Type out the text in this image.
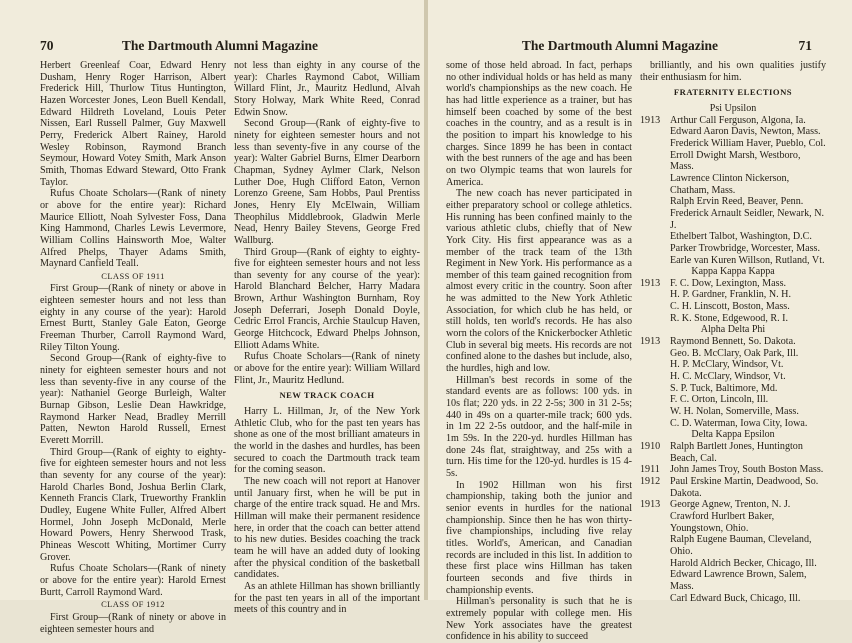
70	The Dartmouth Alumni Magazine

Herbert Greenleaf Coar, Edward Henry Dusham, Henry Roger Harrison, Albert Frederick Hill, Thurlow Titus Huntington, Hazen Worcester Jones, Leon Buell Kendall, Edward Hildreth Loveland, Louis Peter Nissen, Earl Russell Palmer, Guy Maxwell Perry, Frederick Albert Rainey, Harold Wesley Robinson, Raymond Branch Seymour, Howard Votey Smith, Mark Anson Smith, Thomas Edward Steward, Otto Frank Taylor.

Rufus Choate Scholars—(Rank of ninety or above for the entire year): Richard Maurice Elliott, Noah Sylvester Foss, Dana King Hammond, Charles Lewis Levermore, William Collins Hainsworth Moe, Walter Alfred Phelps, Thayer Adams Smith, Maynard Canfield Teall.

CLASS OF 1911

First Group—(Rank of ninety or above in eighteen semester hours and not less than eighty in any course of the year): Harold Ernest Burtt, Stanley Gale Eaton, George Freeman Thurber, Carroll Raymond Ward, Riley Tilton Young.

Second Group—(Rank of eighty-five to ninety for eighteen semester hours and not less than seventy-five in any course of the year): Nathaniel George Burleigh, Walter Burnap Gibson, Leslie Dean Hawkridge, Raymond Harker Nead, Bradley Merrill Patten, Newton Harold Russell, Ernest Everett Morrill.

Third Group—(Rank of eighty to eighty-five for eighteen semester hours and not less than seventy for any course of the year): Harold Charles Bond, Joshua Berlin Clark, Kenneth Francis Clark, Trueworthy Franklin Dudley, Eugene White Fuller, Alfred Albert Hormel, John Joseph McDonald, Merle Howard Powers, Henry Sherwood Trask, Phineas Wescott Whiting, Mortimer Curry Grover.

Rufus Choate Scholars—(Rank of ninety or above for the entire year): Harold Ernest Burtt, Carroll Raymond Ward.

CLASS OF 1912

First Group—(Rank of ninety or above in eighteen semester hours and

not less than eighty in any course of the year): Charles Raymond Cabot, William Willard Flint, Jr., Mauritz Hedlund, Alvah Story Holway, Mark White Reed, Conrad Edwin Snow.

Second Group—(Rank of eighty-five to ninety for eighteen semester hours and not less than seventy-five in any course of the year): Walter Gabriel Burns, Elmer Dearborn Chapman, Sydney Aylmer Clark, Nelson Luther Doe, Hugh Clifford Eaton, Vernon Lorenzo Greene, Sam Hobbs, Paul Prentiss Jones, Henry Ely McElwain, William Theophilus Middlebrook, Gladwin Merle Nead, Henry Bailey Stevens, George Fred Wallburg.

Third Group—(Rank of eighty to eighty-five for eighteen semester hours and not less than seventy for any course of the year): Harold Blanchard Belcher, Harry Madara Brown, Arthur Washington Burnham, Roy Joseph Deferrari, Joseph Donald Doyle, Cedric Errol Francis, Archie Staulcup Haven, George Hitchcock, Edward Phelps Johnson, Elliott Adams White.

Rufus Choate Scholars—(Rank of ninety or above for the entire year): William Willard Flint, Jr., Mauritz Hedlund.

NEW TRACK COACH

Harry L. Hillman, Jr, of the New York Athletic Club, who for the past ten years has shone as one of the most brilliant amateurs in the world in the dashes and hurdles, has been secured to coach the Dartmouth track team for the coming season.

The new coach will not report at Hanover until January first, when he will be put in charge of the entire track squad. He and Mrs. Hillman will make their permanent residence here, in order that the coach can better attend to his new duties. Besides coaching the track team he will have an added duty of looking after the physical condition of the basketball candidates.

As an athlete Hillman has shown brilliantly for the past ten years in all of the important meets of this country and in

The Dartmouth Alumni Magazine	71

some of those held abroad. In fact, perhaps no other individual holds or has held as many world's championships as the new coach. He has had little experience as a trainer, but has himself been coached by some of the best coaches in the country, and as a result is in the position to impart his knowledge to his charges. Since 1899 he has been in contact with the best runners of the age and has been on two Olympic teams that won laurels for America.

The new coach has never participated in either preparatory school or college athletics. His running has been confined mainly to the various athletic clubs, chiefly that of New York City. His first appearance was as a member of the track team of the 13th Regiment in New York. His performance as a member of this team gained recognition from almost every critic in the country. Soon after he was admitted to the New York Athletic Association, for which club he has held, or still holds, ten world's records. He has also worn the colors of the Knickerbocker Athletic Club in several big meets. His records are not confined alone to the dashes but include, also, the hurdles, high and low.

Hillman's best records in some of the standard events are as follows: 100 yds. in 10s flat; 220 yds. in 22 2-5s; 300 in 31 2-5s; 440 in 49s on a quarter-mile track; 600 yds. in 1m 22 2-5s outdoor, and the half-mile in 1m 59s. In the 220-yd. hurdles Hillman has done 24s flat, straightway, and 25s with a turn. His time for the 120-yd. hurdles is 15 4-5s.

In 1902 Hillman won his first championship, taking both the junior and senior events in hurdles for the national championship. Since then he has won thirty-five championships, including five relay titles. World's, American, and Canadian records are included in this list. In addition to these first place wins Hillman has taken fourteen seconds and five thirds in championship events.

Hillman's personality is such that he is extremely popular with college men. His New York associates have the greatest confidence in his ability to succeed

brilliantly, and his own qualities justify their enthusiasm for him.

FRATERNITY ELECTIONS
Psi Upsilon
1913 Arthur Call Ferguson, Algona, Ia.
Edward Aaron Davis, Newton, Mass.
Frederick William Haver, Pueblo, Col.
Erroll Dwight Marsh, Westboro, Mass.
Lawrence Clinton Nickerson, Chatham, Mass.
Ralph Ervin Reed, Beaver, Penn.
Frederick Arnault Seidler, Newark, N. J.
Ethelbert Talbot, Washington, D.C.
Parker Trowbridge, Worcester, Mass.
Earle van Kuren Willson, Rutland, Vt.
Kappa Kappa Kappa
1913 F. C. Dow, Lexington, Mass.
H. P. Gardner, Franklin, N. H.
C. H. Linscott, Boston, Mass.
R. K. Stone, Edgewood, R. I.
Alpha Delta Phi
1913 Raymond Bennett, So. Dakota.
Geo. B. McClary, Oak Park, Ill.
H. P. McClary, Windsor, Vt.
H. C. McClary, Windsor, Vt.
S. P. Tuck, Baltimore, Md.
F. C. Orton, Lincoln, Ill.
W. H. Nolan, Somerville, Mass.
C. D. Waterman, Iowa City, Iowa.
Delta Kappa Epsilon
1910 Ralph Bartlett Jones, Huntington Beach, Cal.
1911 John James Troy, South Boston Mass.
1912 Paul Erskine Martin, Deadwood, So. Dakota.
1913 George Agnew, Trenton, N. J.
Crawford Hurlbert Baker, Youngstown, Ohio.
Ralph Eugene Bauman, Cleveland, Ohio.
Harold Aldrich Becker, Chicago, Ill.
Edward Lawrence Brown, Salem, Mass.
Carl Edward Buck, Chicago, Ill.
